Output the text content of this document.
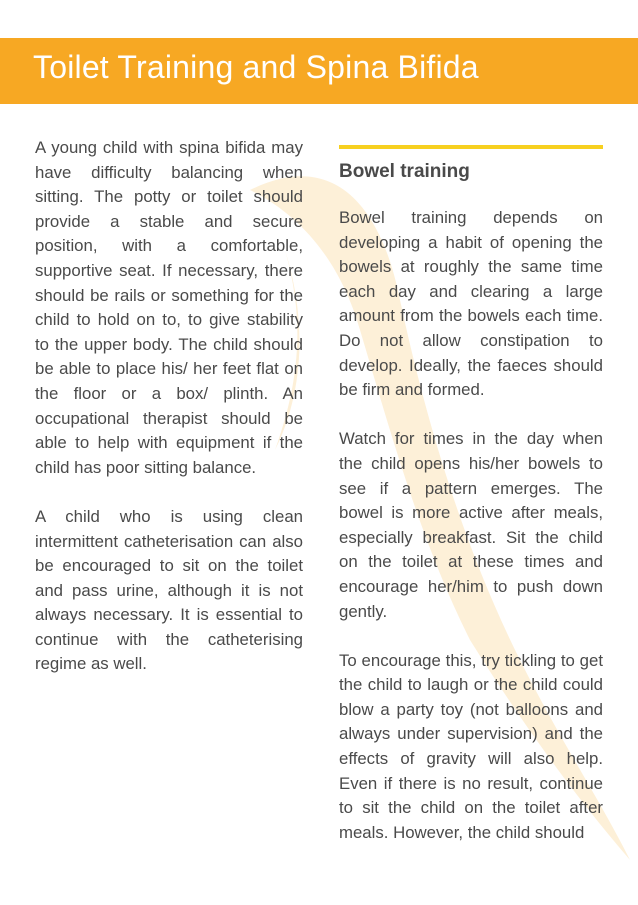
Toilet Training and Spina Bifida

A young child with spina bifida may have difficulty balancing when sitting. The potty or toilet should provide a stable and secure position, with a comfortable, supportive seat. If necessary, there should be rails or something for the child to hold on to, to give stability to the upper body. The child should be able to place his/ her feet flat on the floor or a box/ plinth. An occupational therapist should be able to help with equipment if the child has poor sitting balance.

A child who is using clean intermittent catheterisation can also be encouraged to sit on the toilet and pass urine, although it is not always necessary. It is essential to continue with the catheterising regime as well.

Bowel training

Bowel training depends on developing a habit of opening the bowels at roughly the same time each day and clearing a large amount from the bowels each time. Do not allow constipation to develop. Ideally, the faeces should be firm and formed.

Watch for times in the day when the child opens his/her bowels to see if a pattern emerges. The bowel is more active after meals, especially breakfast. Sit the child on the toilet at these times and encourage her/him to push down gently.

To encourage this, try tickling to get the child to laugh or the child could blow a party toy (not balloons and always under supervision) and the effects of gravity will also help. Even if there is no result, continue to sit the child on the toilet after meals. However, the child should
